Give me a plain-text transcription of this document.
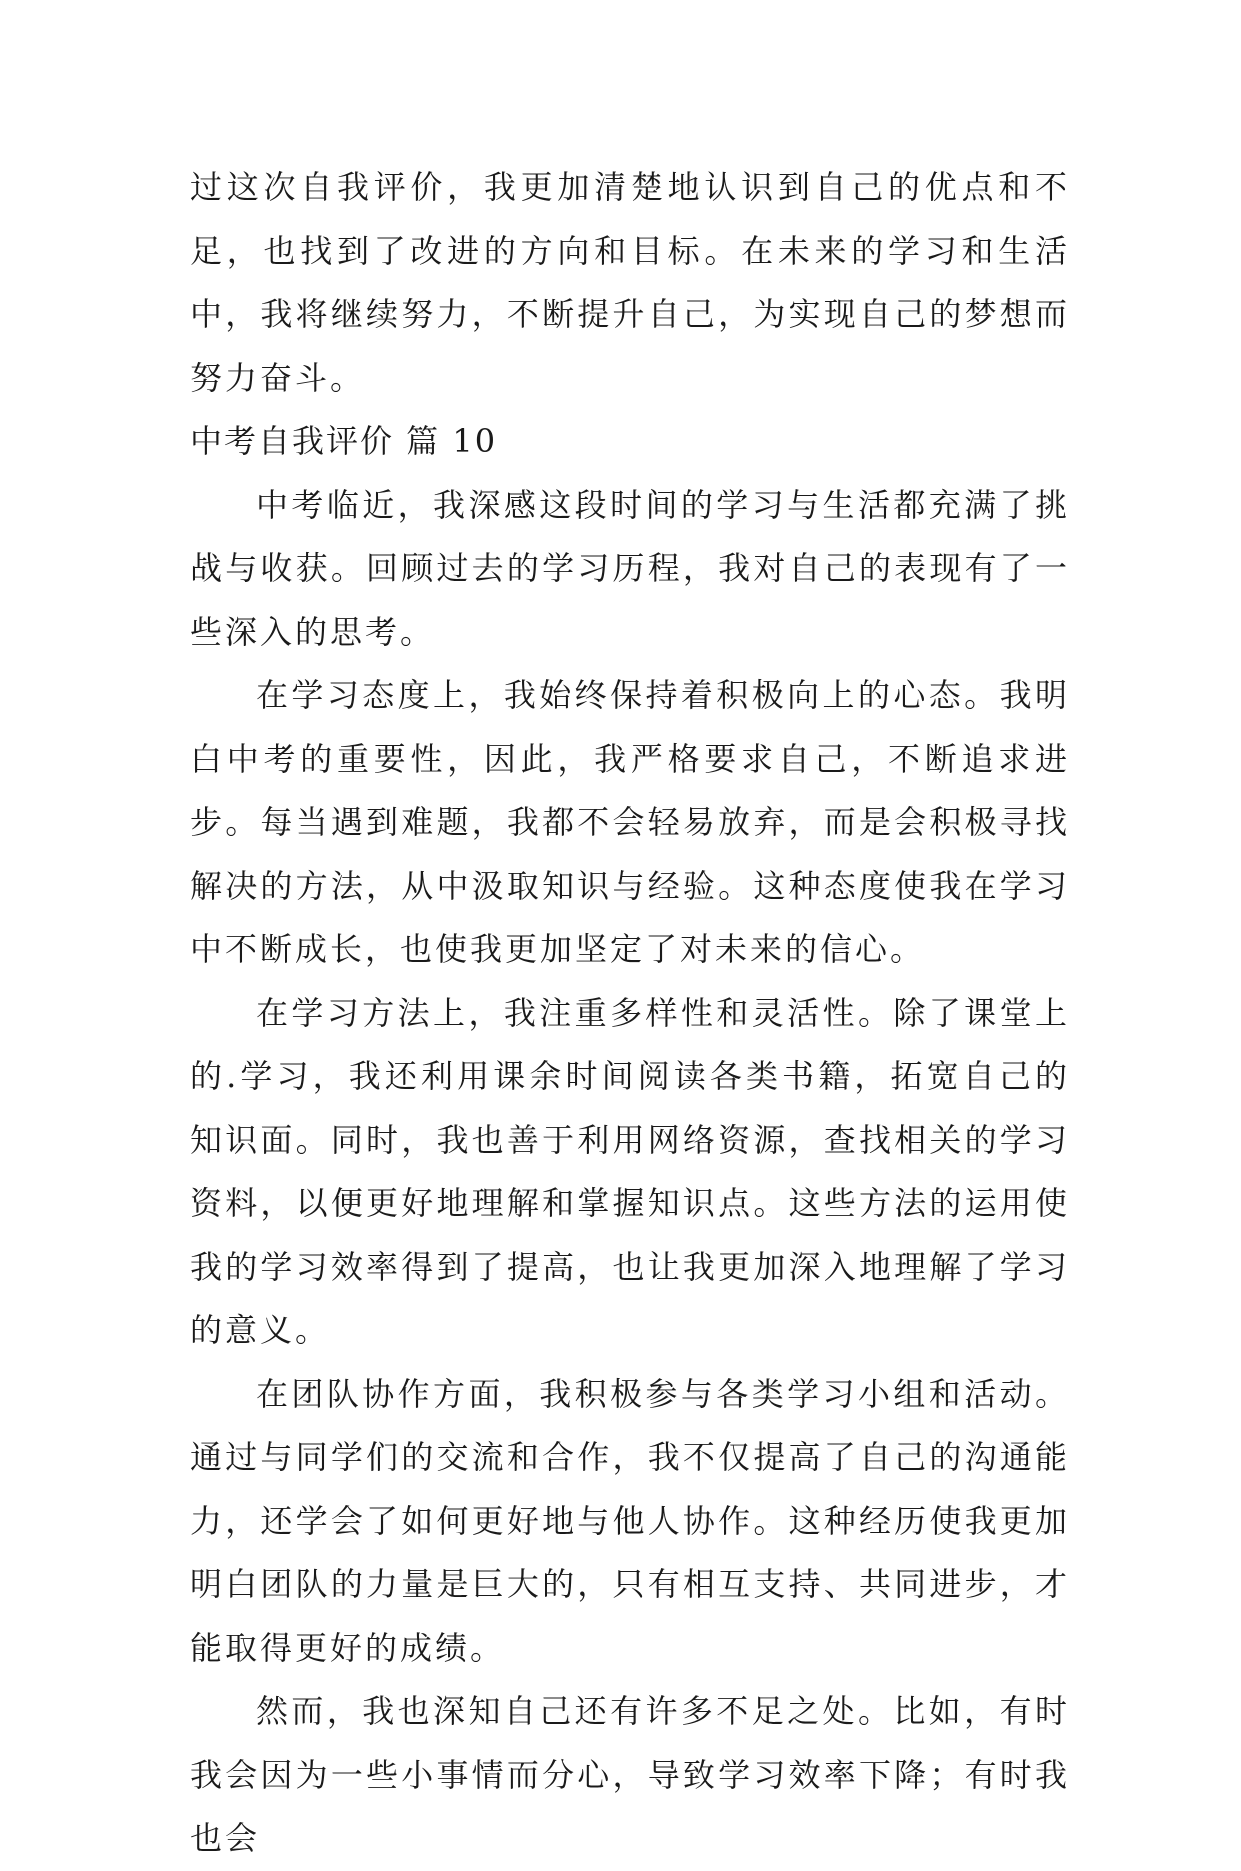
过这次自我评价，我更加清楚地认识到自己的优点和不足，也找到了改进的方向和目标。在未来的学习和生活中，我将继续努力，不断提升自己，为实现自己的梦想而努力奋斗。

中考自我评价 篇 10

中考临近，我深感这段时间的学习与生活都充满了挑战与收获。回顾过去的学习历程，我对自己的表现有了一些深入的思考。

在学习态度上，我始终保持着积极向上的心态。我明白中考的重要性，因此，我严格要求自己，不断追求进步。每当遇到难题，我都不会轻易放弃，而是会积极寻找解决的方法，从中汲取知识与经验。这种态度使我在学习中不断成长，也使我更加坚定了对未来的信心。

在学习方法上，我注重多样性和灵活性。除了课堂上的.学习，我还利用课余时间阅读各类书籍，拓宽自己的知识面。同时，我也善于利用网络资源，查找相关的学习资料，以便更好地理解和掌握知识点。这些方法的运用使我的学习效率得到了提高，也让我更加深入地理解了学习的意义。

在团队协作方面，我积极参与各类学习小组和活动。通过与同学们的交流和合作，我不仅提高了自己的沟通能力，还学会了如何更好地与他人协作。这种经历使我更加明白团队的力量是巨大的，只有相互支持、共同进步，才能取得更好的成绩。

然而，我也深知自己还有许多不足之处。比如，有时我会因为一些小事情而分心，导致学习效率下降；有时我也会
